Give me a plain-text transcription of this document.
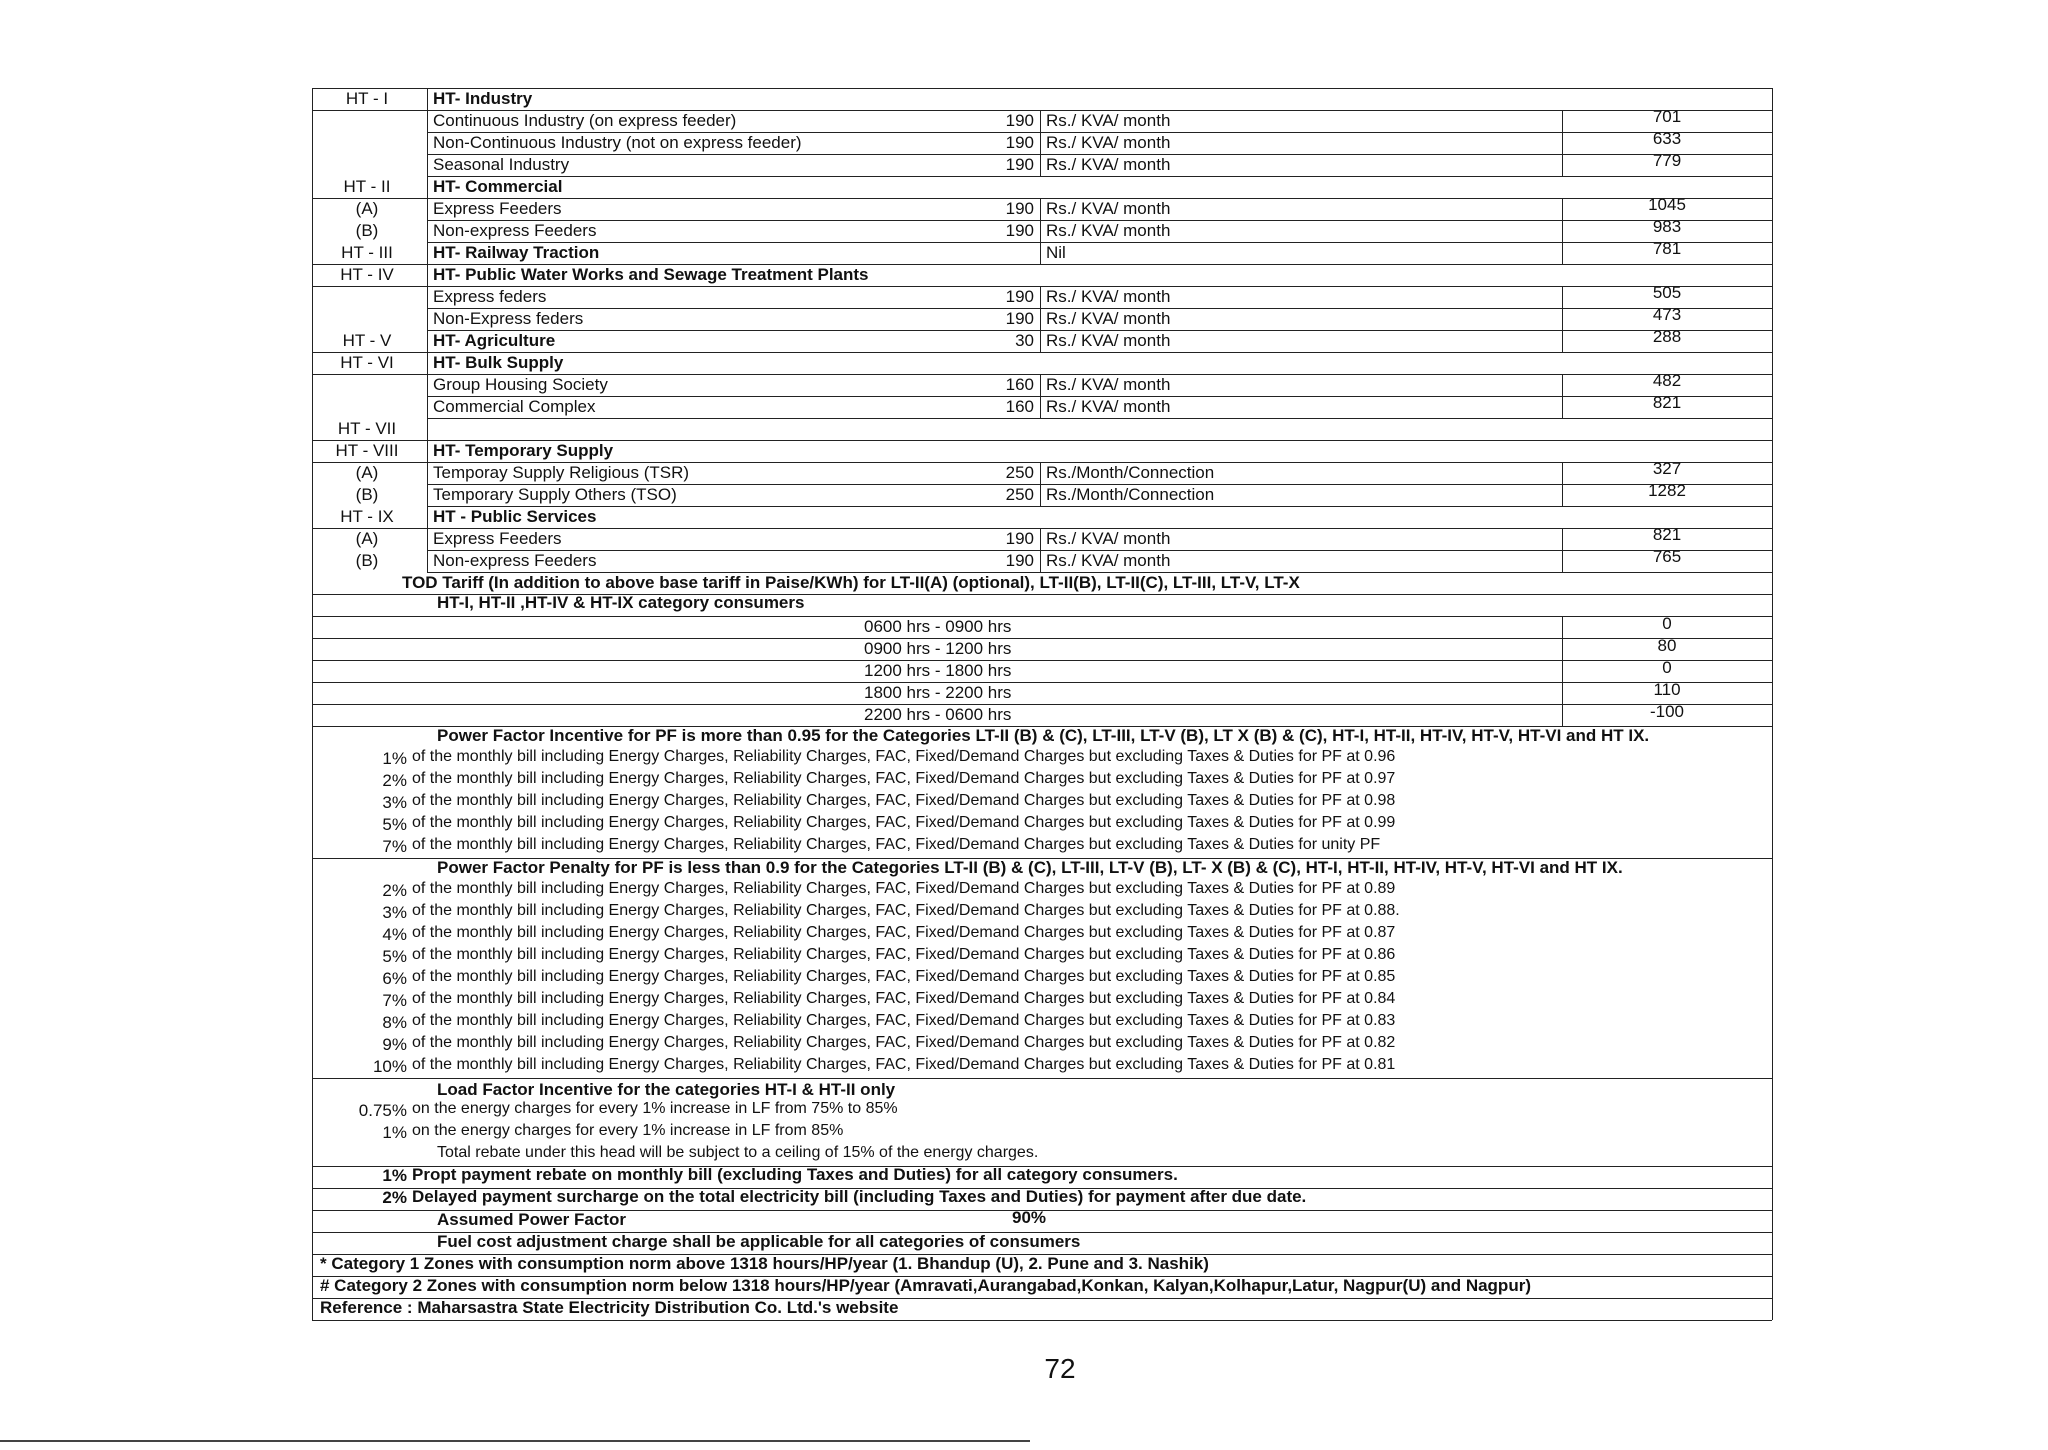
HT - I	HT- Industry
Continuous Industry (on express feeder)	190 Rs./ KVA/ month	701
Non-Continuous Industry (not on express feeder)	190 Rs./ KVA/ month	633
Seasonal Industry	190 Rs./ KVA/ month	779
HT - II	HT- Commercial
(A)	Express Feeders	190 Rs./ KVA/ month	1045
(B)	Non-express Feeders	190 Rs./ KVA/ month	983
HT - III	HT- Railway Traction	Nil	781
HT - IV	HT- Public Water Works and Sewage Treatment Plants
Express feders	190 Rs./ KVA/ month	505
Non-Express feders	190 Rs./ KVA/ month	473
HT - V	HT- Agriculture	30 Rs./ KVA/ month	288
HT - VI	HT- Bulk Supply
Group Housing Society	160 Rs./ KVA/ month	482
Commercial Complex	160 Rs./ KVA/ month	821
HT - VII
HT - VIII	HT- Temporary Supply
(A)	Temporay Supply Religious (TSR)	250 Rs./Month/Connection	327
(B)	Temporary Supply Others (TSO)	250 Rs./Month/Connection	1282
HT - IX	HT - Public Services
(A)	Express Feeders	190 Rs./ KVA/ month	821
(B)	Non-express Feeders	190 Rs./ KVA/ month	765
TOD Tariff (In addition to above base tariff in Paise/KWh) for LT-II(A) (optional), LT-II(B), LT-II(C), LT-III, LT-V, LT-X
HT-I, HT-II ,HT-IV & HT-IX category consumers
0600 hrs - 0900 hrs	0
0900 hrs - 1200 hrs	80
1200 hrs - 1800 hrs	0
1800 hrs - 2200 hrs	110
2200 hrs - 0600 hrs	-100
Power Factor Incentive for PF is more than 0.95 for the Categories LT-II (B) & (C), LT-III, LT-V (B), LT X (B) & (C), HT-I, HT-II, HT-IV, HT-V, HT-VI and HT IX.
1% of the monthly bill including Energy Charges, Reliability Charges, FAC, Fixed/Demand Charges but excluding Taxes & Duties for PF at 0.96
2% of the monthly bill including Energy Charges, Reliability Charges, FAC, Fixed/Demand Charges but excluding Taxes & Duties for PF at 0.97
3% of the monthly bill including Energy Charges, Reliability Charges, FAC, Fixed/Demand Charges but excluding Taxes & Duties for PF at 0.98
5% of the monthly bill including Energy Charges, Reliability Charges, FAC, Fixed/Demand Charges but excluding Taxes & Duties for PF at 0.99
7% of the monthly bill including Energy Charges, Reliability Charges, FAC, Fixed/Demand Charges but excluding Taxes & Duties for unity PF
Power Factor Penalty for PF is less than 0.9 for the Categories LT-II (B) & (C), LT-III, LT-V (B), LT- X (B) & (C), HT-I, HT-II, HT-IV, HT-V, HT-VI and HT IX.
2% of the monthly bill including Energy Charges, Reliability Charges, FAC, Fixed/Demand Charges but excluding Taxes & Duties for PF at 0.89
3% of the monthly bill including Energy Charges, Reliability Charges, FAC, Fixed/Demand Charges but excluding Taxes & Duties for PF at 0.88.
4% of the monthly bill including Energy Charges, Reliability Charges, FAC, Fixed/Demand Charges but excluding Taxes & Duties for PF at 0.87
5% of the monthly bill including Energy Charges, Reliability Charges, FAC, Fixed/Demand Charges but excluding Taxes & Duties for PF at 0.86
6% of the monthly bill including Energy Charges, Reliability Charges, FAC, Fixed/Demand Charges but excluding Taxes & Duties for PF at 0.85
7% of the monthly bill including Energy Charges, Reliability Charges, FAC, Fixed/Demand Charges but excluding Taxes & Duties for PF at 0.84
8% of the monthly bill including Energy Charges, Reliability Charges, FAC, Fixed/Demand Charges but excluding Taxes & Duties for PF at 0.83
9% of the monthly bill including Energy Charges, Reliability Charges, FAC, Fixed/Demand Charges but excluding Taxes & Duties for PF at 0.82
10% of the monthly bill including Energy Charges, Reliability Charges, FAC, Fixed/Demand Charges but excluding Taxes & Duties for PF at 0.81
Load Factor Incentive for the categories HT-I & HT-II only
0.75% on the energy charges for every 1% increase in LF from 75% to 85%
1% on the energy charges for every 1% increase in LF from 85%
Total rebate under this head will be subject to a ceiling of 15% of the energy charges.
1% Propt payment rebate on monthly bill (excluding Taxes and Duties) for all category consumers.
2% Delayed payment surcharge on the total electricity bill (including Taxes and Duties) for payment after due date.
Assumed Power Factor	90%
Fuel cost adjustment charge shall be applicable for all categories of consumers
* Category 1 Zones with consumption norm above 1318 hours/HP/year (1. Bhandup (U), 2. Pune and 3. Nashik)
# Category 2 Zones with consumption norm below 1318 hours/HP/year (Amravati,Aurangabad,Konkan, Kalyan,Kolhapur,Latur, Nagpur(U) and Nagpur)
Reference : Maharsastra State Electricity Distribution Co. Ltd.'s website
72
